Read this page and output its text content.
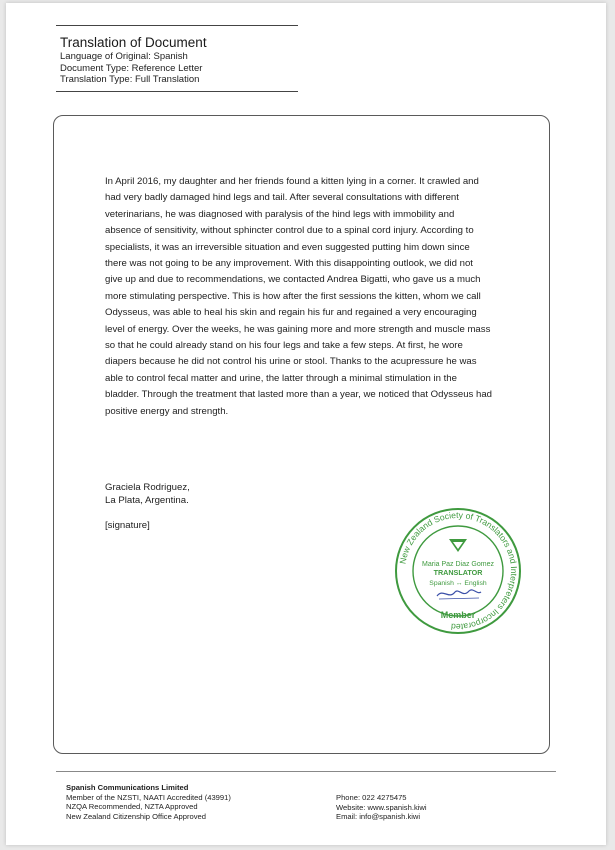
Translation of Document
Language of Original: Spanish
Document Type: Reference Letter
Translation Type: Full Translation
In April 2016, my daughter and her friends found a kitten lying in a corner. It crawled and had very badly damaged hind legs and tail. After several consultations with different veterinarians, he was diagnosed with paralysis of the hind legs with immobility and absence of sensitivity, without sphincter control due to a spinal cord injury. According to specialists, it was an irreversible situation and even suggested putting him down since there was not going to be any improvement. With this disappointing outlook, we did not give up and due to recommendations, we contacted Andrea Bigatti, who gave us a much more stimulating perspective. This is how after the first sessions the kitten, whom we call Odysseus, was able to heal his skin and regain his fur and regained a very encouraging level of energy. Over the weeks, he was gaining more and more strength and muscle mass so that he could already stand on his four legs and take a few steps. At first, he wore diapers because he did not control his urine or stool. Thanks to the acupressure he was able to control fecal matter and urine, the latter through a minimal stimulation in the bladder. Through the treatment that lasted more than a year, we noticed that Odysseus had positive energy and strength.
Graciela Rodriguez,
La Plata, Argentina.
[signature]
New Zealand Society of Translators and Interpreters Incorporated
Maria Paz Diaz Gomez
TRANSLATOR
Spanish ↔ English
Member
Spanish Communications Limited
Member of the NZSTI, NAATI Accredited (43991)
NZQA Recommended, NZTA Approved
New Zealand Citizenship Office Approved
Phone: 022 4275475
Website: www.spanish.kiwi
Email: info@spanish.kiwi
